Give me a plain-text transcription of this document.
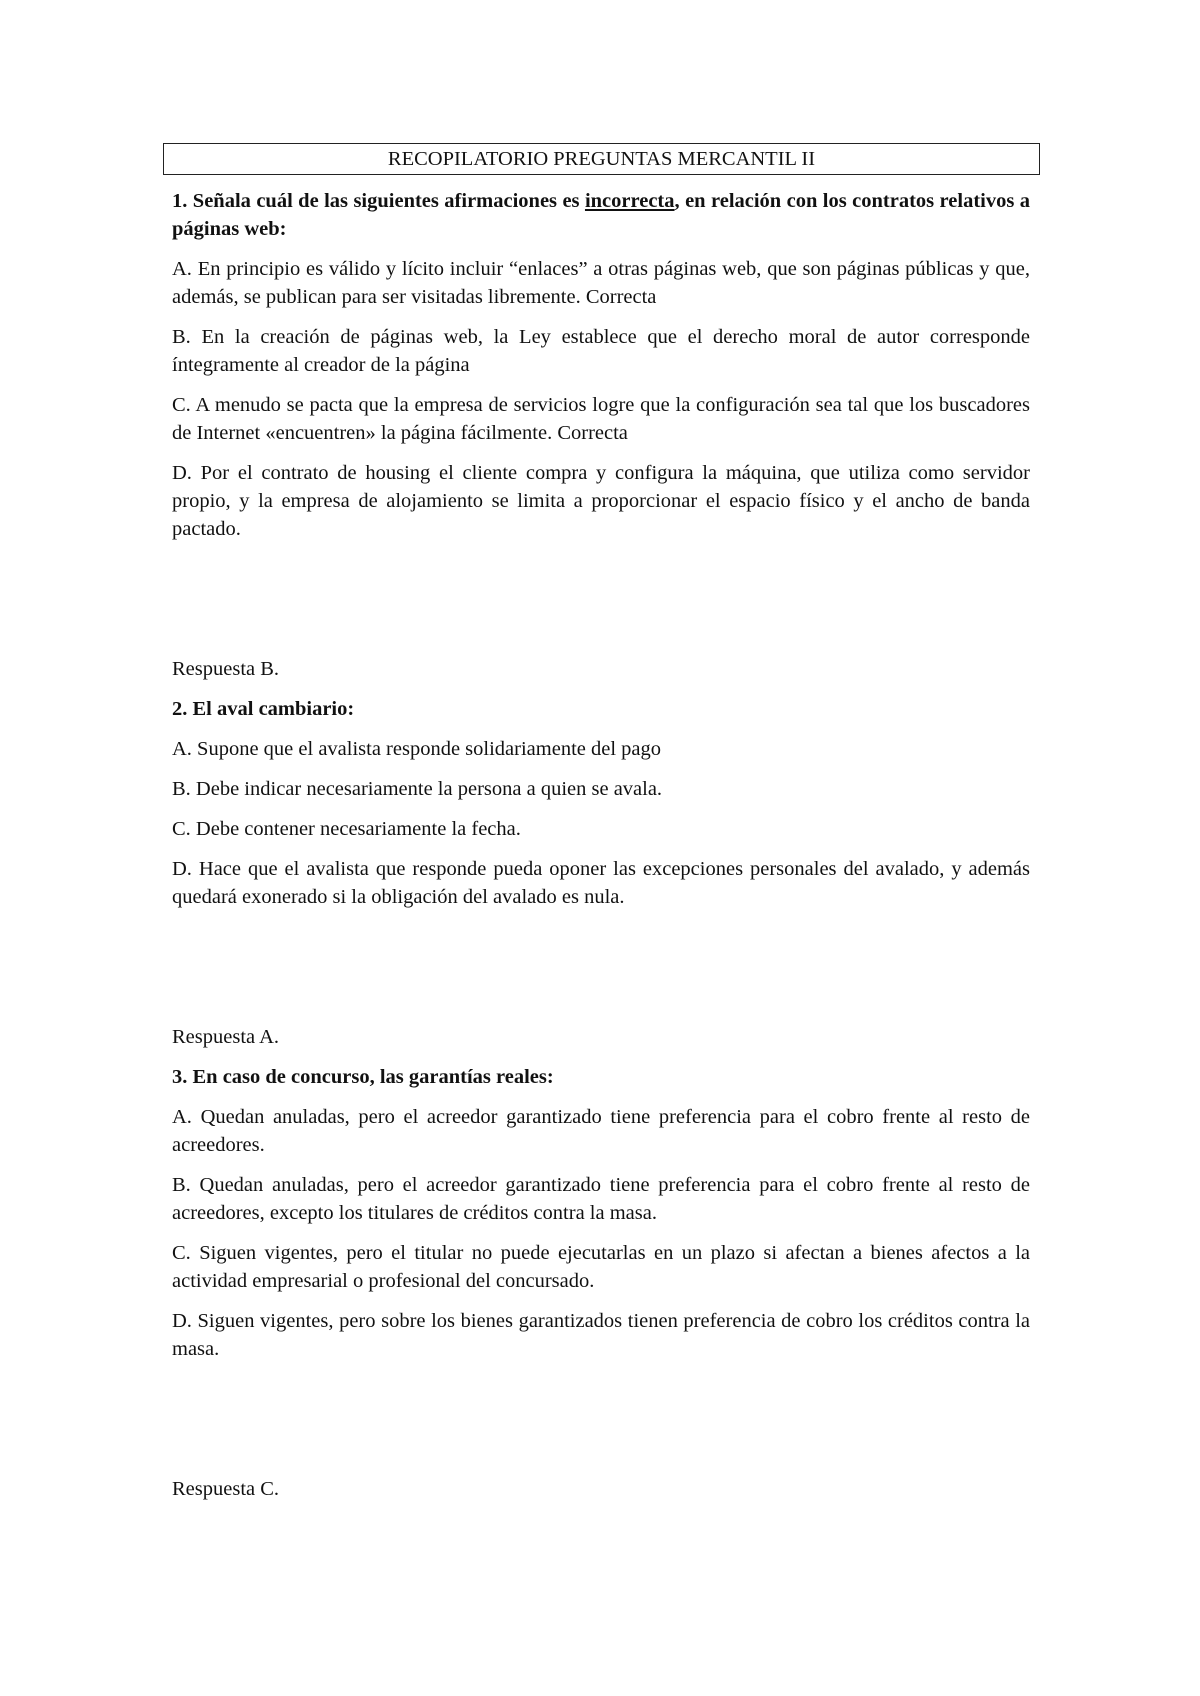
RECOPILATORIO PREGUNTAS MERCANTIL II

1. Señala cuál de las siguientes afirmaciones es incorrecta, en relación con los contratos relativos a páginas web:

A. En principio es válido y lícito incluir “enlaces” a otras páginas web, que son páginas públicas y que, además, se publican para ser visitadas libremente. Correcta

B. En la creación de páginas web, la Ley establece que el derecho moral de autor corresponde íntegramente al creador de la página

C. A menudo se pacta que la empresa de servicios logre que la configuración sea tal que los buscadores de Internet «encuentren» la página fácilmente. Correcta

D. Por el contrato de housing el cliente compra y configura la máquina, que utiliza como servidor propio, y la empresa de alojamiento se limita a proporcionar el espacio físico y el ancho de banda pactado.

Respuesta B.

2. El aval cambiario:

A. Supone que el avalista responde solidariamente del pago

B. Debe indicar necesariamente la persona a quien se avala.

C. Debe contener necesariamente la fecha.

D. Hace que el avalista que responde pueda oponer las excepciones personales del avalado, y además quedará exonerado si la obligación del avalado es nula.

Respuesta A.

3. En caso de concurso, las garantías reales:

A. Quedan anuladas, pero el acreedor garantizado tiene preferencia para el cobro frente al resto de acreedores.

B. Quedan anuladas, pero el acreedor garantizado tiene preferencia para el cobro frente al resto de acreedores, excepto los titulares de créditos contra la masa.

C. Siguen vigentes, pero el titular no puede ejecutarlas en un plazo si afectan a bienes afectos a la actividad empresarial o profesional del concursado.

D. Siguen vigentes, pero sobre los bienes garantizados tienen preferencia de cobro los créditos contra la masa.

Respuesta C.
